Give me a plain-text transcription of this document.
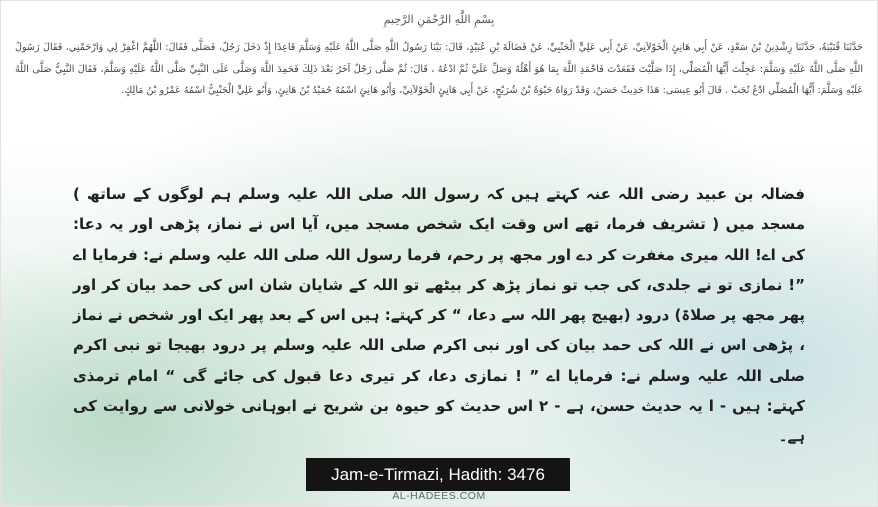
بِسْمِ اللَّهِ الرَّحْمَنِ الرَّحِيمِ
حَدَّثَنَا قُتَيْبَةُ، حَدَّثَنَا رِشْدِينُ بْنُ سَعْدٍ، عَنْ أَبِي هَانِئٍ الْخَوْلاَنِيِّ، عَنْ أَبِي عَلِيٍّ الْجَنْبِيِّ، عَنْ فَضَالَةَ بْنِ عُبَيْدٍ، قَالَ: بَيْنَا رَسُولُ اللَّهِ صَلَّى اللَّهُ عَلَيْهِ وَسَلَّمَ قَاعِدًا إِذْ دَخَلَ رَجُلٌ، فَصَلَّى فَقَالَ: اللَّهُمَّ اغْفِرْ لِي وَارْحَمْنِي، فَقَالَ رَسُولُ اللَّهِ صَلَّى اللَّهُ عَلَيْهِ وَسَلَّمَ: عَجِلْتَ أَيُّهَا الْمُصَلِّي، إِذَا صَلَّيْتَ فَقَعَدْتَ فَاحْمَدِ اللَّهَ بِمَا هُوَ أَهْلُهُ وَصَلِّ عَلَيَّ ثُمَّ ادْعُهُ ، قَالَ: ثُمَّ صَلَّى رَجُلٌ آخَرُ بَعْدَ ذَلِكَ فَحَمِدَ اللَّهَ وَصَلَّى عَلَى النَّبِيِّ صَلَّى اللَّهُ عَلَيْهِ وَسَلَّمَ، فَقَالَ النَّبِيُّ صَلَّى اللَّهُ عَلَيْهِ وَسَلَّمَ: أَيُّهَا الْمُصَلِّي ادْعُ تُجَبْ . قَالَ أَبُو عِيسَى: هَذَا حَدِيثٌ حَسَنٌ، وَقَدْ رَوَاهُ حَيْوَةُ بْنُ شُرَيْحٍ، عَنْ أَبِي هَانِئٍ الْخَوْلاَنِيِّ، وَأَبُو هَانِئٍ اسْمُهُ حُمَيْدُ بْنُ هَانِئٍ، وَأَبُو عَلِيٍّ الْجَنْبِيُّ اسْمُهُ عَمْرُو بْنُ مَالِكٍ.
فضالہ بن عبید رضی اللہ عنہ کہتے ہیں کہ رسول اللہ صلی اللہ علیہ وسلم ہم لوگوں کے ساتھ ) مسجد میں ( تشریف فرما، تھے اس وقت ایک شخص مسجد میں، آیا اس نے نماز، پڑھی اور یہ دعا: کی اے! اللہ میری مغفرت کر دے اور مجھ پر رحم، فرما رسول اللہ صلی اللہ علیہ وسلم نے: فرمایا اے ”! نمازی تو نے جلدی، کی جب تو نماز پڑھ کر بیٹھے تو اللہ کے شایان شان اس کی حمد بیان کر اور پھر مجھ پر صلاۃ) درود (بھیج پھر اللہ سے دعا، “ کر کہتے: ہیں اس کے بعد پھر ایک اور شخص نے نماز ، پڑھی اس نے اللہ کی حمد بیان کی اور نبی اکرم صلی اللہ علیہ وسلم پر درود بھیجا تو نبی اکرم صلی اللہ علیہ وسلم نے: فرمایا اے ” ! نمازی دعا، کر تیری دعا قبول کی جائے گی “ امام ترمذی کہتے: ہیں - ا یہ حدیث حسن، ہے - ۲ اس حدیث کو حیوہ بن شریح نے ابوہانی خولانی سے روایت کی ہے۔
Jam-e-Tirmazi, Hadith: 3476
AL-HADEES.COM
